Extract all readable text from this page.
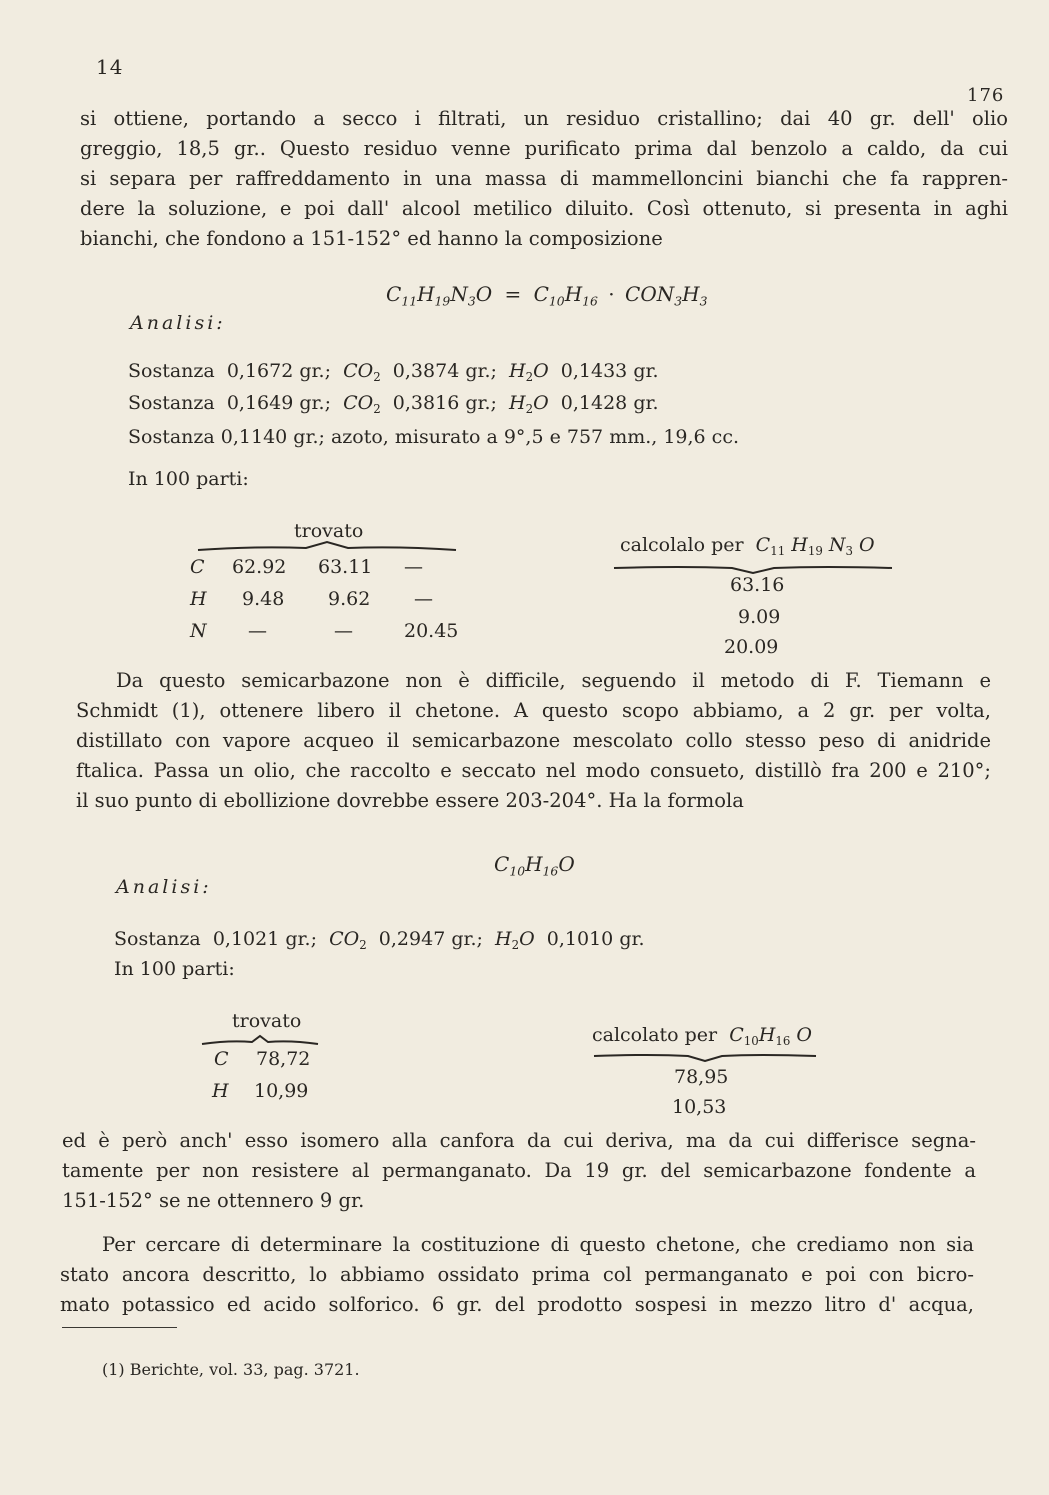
14
176
si ottiene, portando a secco i filtrati, un residuo cristallino; dai 40 gr. dell' olio
greggio, 18,5 gr.. Questo residuo venne purificato prima dal benzolo a caldo, da cui
si separa per raffreddamento in una massa di mammelloncini bianchi che fa rappren-
dere la soluzione, e poi dall' alcool metilico diluito. Così ottenuto, si presenta in aghi
bianchi, che fondono a 151-152° ed hanno la composizione
$C_{11}H_{19}N_3O = C_{10}H_{16} \cdot CON_3H_3$
Analisi:
Sostanza 0,1672 gr.; $CO_2$ 0,3874 gr.; $H_2O$ 0,1433 gr.
Sostanza 0,1649 gr.; $CO_2$ 0,3816 gr.; $H_2O$ 0,1428 gr.
Sostanza 0,1140 gr.; azoto, misurato a 9°,5 e 757 mm., 19,6 cc.
In 100 parti:
trovato
calcolalo per $C_{11}$ $H_{19}$ $N_3$ O
C 62.92 63.11 —
H 9.48 9.62 —
N —	—	20.45
63.16
9.09
20.09
Da questo semicarbazone non è difficile, seguendo il metodo di F. Tiemann e
Schmidt (1), ottenere libero il chetone. A questo scopo abbiamo, a 2 gr. per volta,
distillato con vapore acqueo il semicarbazone mescolato collo stesso peso di anidride
ftalica. Passa un olio, che raccolto e seccato nel modo consueto, distillò fra 200 e 210°;
il suo punto di ebollizione dovrebbe essere 203-204°. Ha la formola
$C_{10}H_{16}O$
Analisi:
Sostanza 0,1021 gr.; $CO_2$ 0,2947 gr.; $H_2O$ 0,1010 gr.
In 100 parti:
trovato
calcolato per $C_{10}H_{16}$ O
C 78,72
H 10,99
78,95
10,53
ed è però anch' esso isomero alla canfora da cui deriva, ma da cui differisce segna-
tamente per non resistere al permanganato. Da 19 gr. del semicarbazone fondente a
151-152° se ne ottennero 9 gr.
Per cercare di determinare la costituzione di questo chetone, che crediamo non sia
stato ancora descritto, lo abbiamo ossidato prima col permanganato e poi con bicro-
mato potassico ed acido solforico. 6 gr. del prodotto sospesi in mezzo litro d' acqua,
(1) Berichte, vol. 33, pag. 3721.
